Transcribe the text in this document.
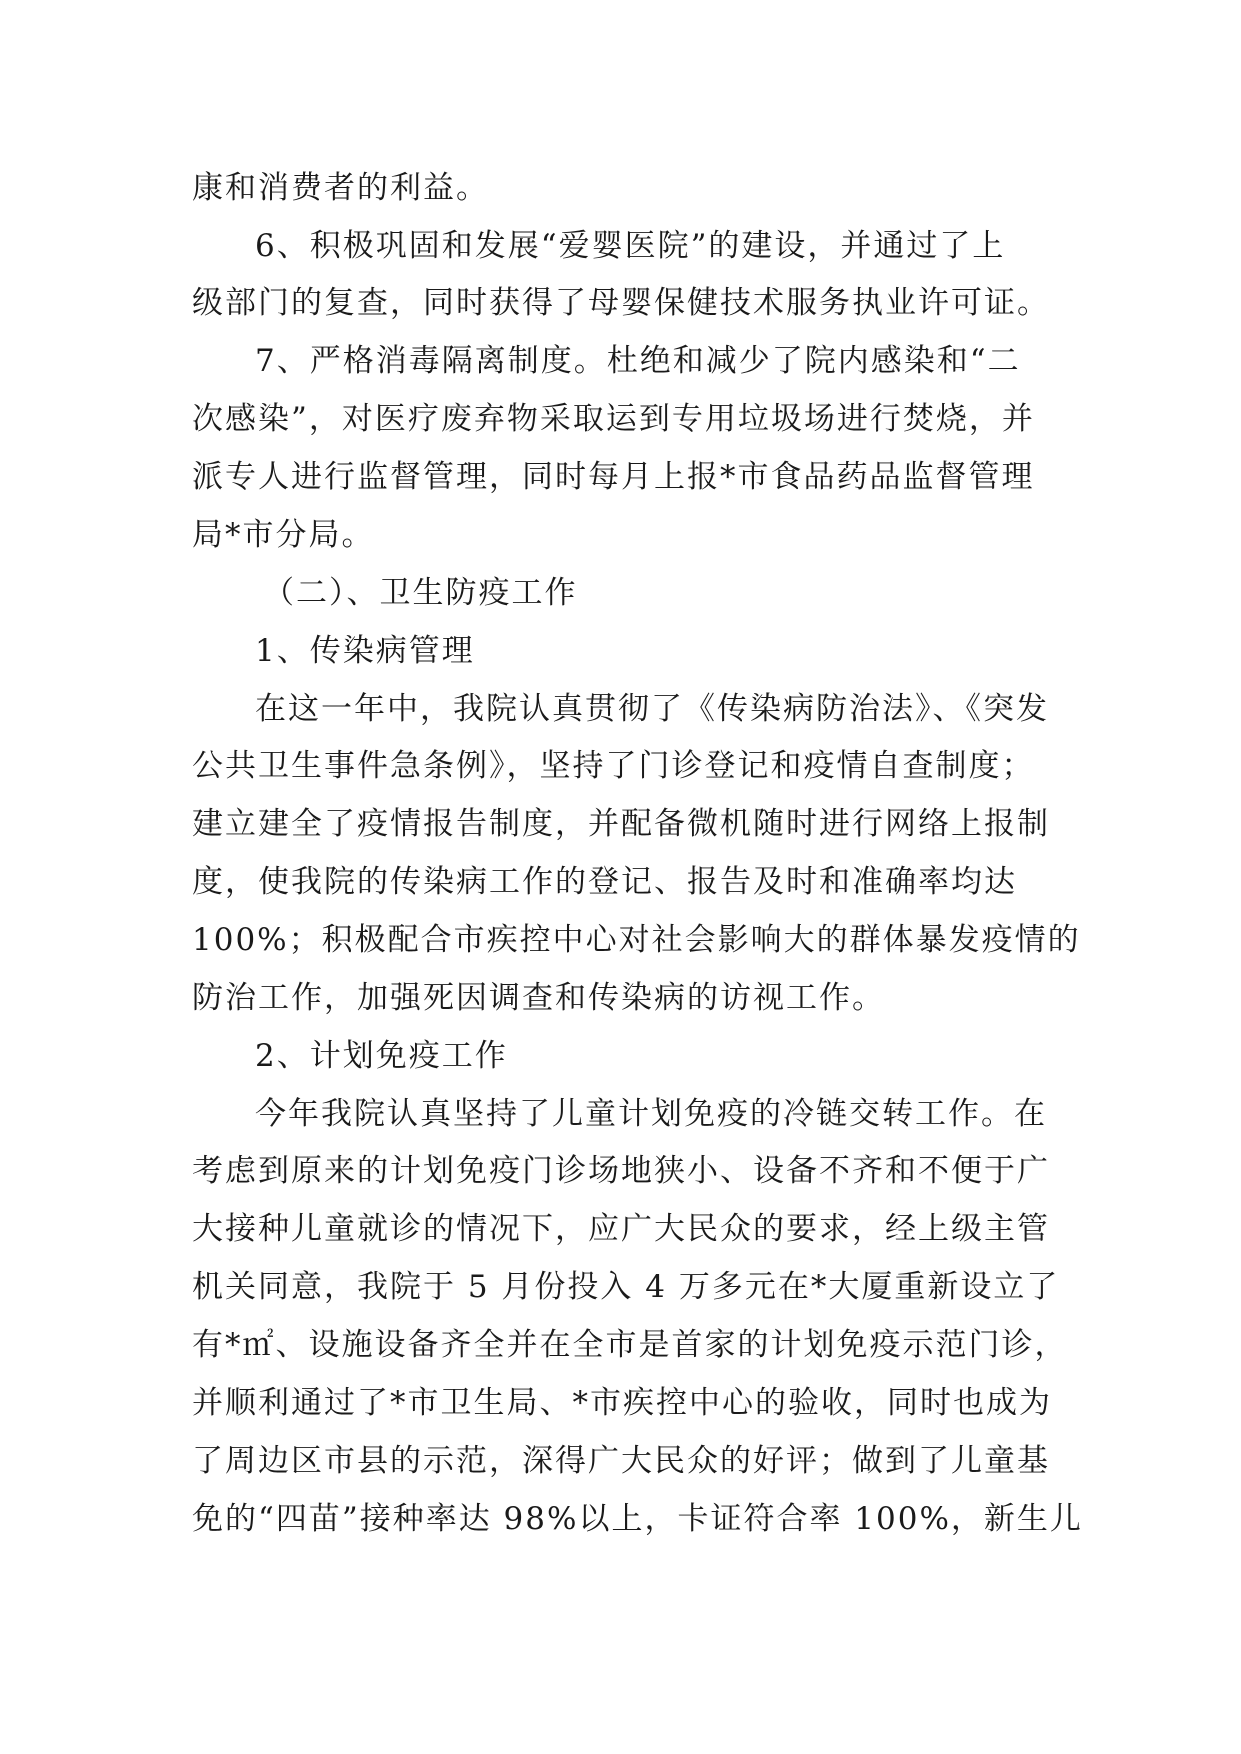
康和消费者的利益。
6、积极巩固和发展“爱婴医院”的建设，并通过了上
级部门的复查，同时获得了母婴保健技术服务执业许可证。
7、严格消毒隔离制度。杜绝和减少了院内感染和“二
次感染”，对医疗废弃物采取运到专用垃圾场进行焚烧，并
派专人进行监督管理，同时每月上报*市食品药品监督管理
局*市分局。
（二）、卫生防疫工作
1、传染病管理
在这一年中，我院认真贯彻了《传染病防治法》、《突发
公共卫生事件急条例》，坚持了门诊登记和疫情自查制度；
建立建全了疫情报告制度，并配备微机随时进行网络上报制
度，使我院的传染病工作的登记、报告及时和准确率均达
100%；积极配合市疾控中心对社会影响大的群体暴发疫情的
防治工作，加强死因调查和传染病的访视工作。
2、计划免疫工作
今年我院认真坚持了儿童计划免疫的冷链交转工作。在
考虑到原来的计划免疫门诊场地狭小、设备不齐和不便于广
大接种儿童就诊的情况下，应广大民众的要求，经上级主管
机关同意，我院于 5 月份投入 4 万多元在*大厦重新设立了
有*㎡、设施设备齐全并在全市是首家的计划免疫示范门诊，
并顺利通过了*市卫生局、*市疾控中心的验收，同时也成为
了周边区市县的示范，深得广大民众的好评；做到了儿童基
免的“四苗”接种率达 98%以上，卡证符合率 100%，新生儿
